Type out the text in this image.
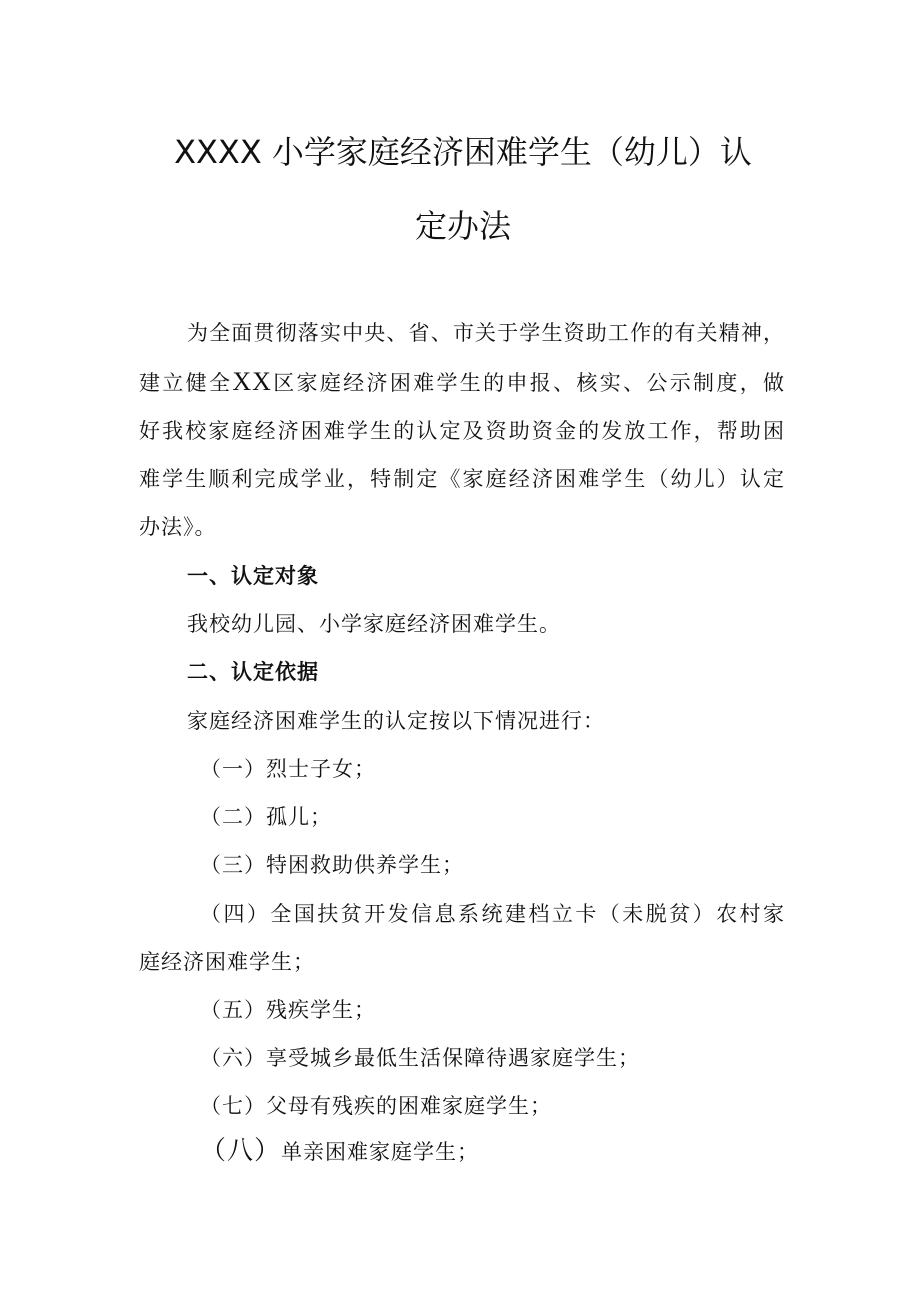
XXXX 小学家庭经济困难学生（幼儿）认
定办法
为全面贯彻落实中央、省、市关于学生资助工作的有关精神，
建立健全XX区家庭经济困难学生的申报、核实、公示制度，做
好我校家庭经济困难学生的认定及资助资金的发放工作，帮助困
难学生顺利完成学业，特制定《家庭经济困难学生（幼儿）认定
办法》。
一、认定对象
我校幼儿园、小学家庭经济困难学生。
二、认定依据
家庭经济困难学生的认定按以下情况进行：
（一）烈士子女；
（二）孤儿；
（三）特困救助供养学生；
（四）全国扶贫开发信息系统建档立卡（未脱贫）农村家
庭经济困难学生；
（五）残疾学生；
（六）享受城乡最低生活保障待遇家庭学生；
（七）父母有残疾的困难家庭学生；
（八）单亲困难家庭学生；
